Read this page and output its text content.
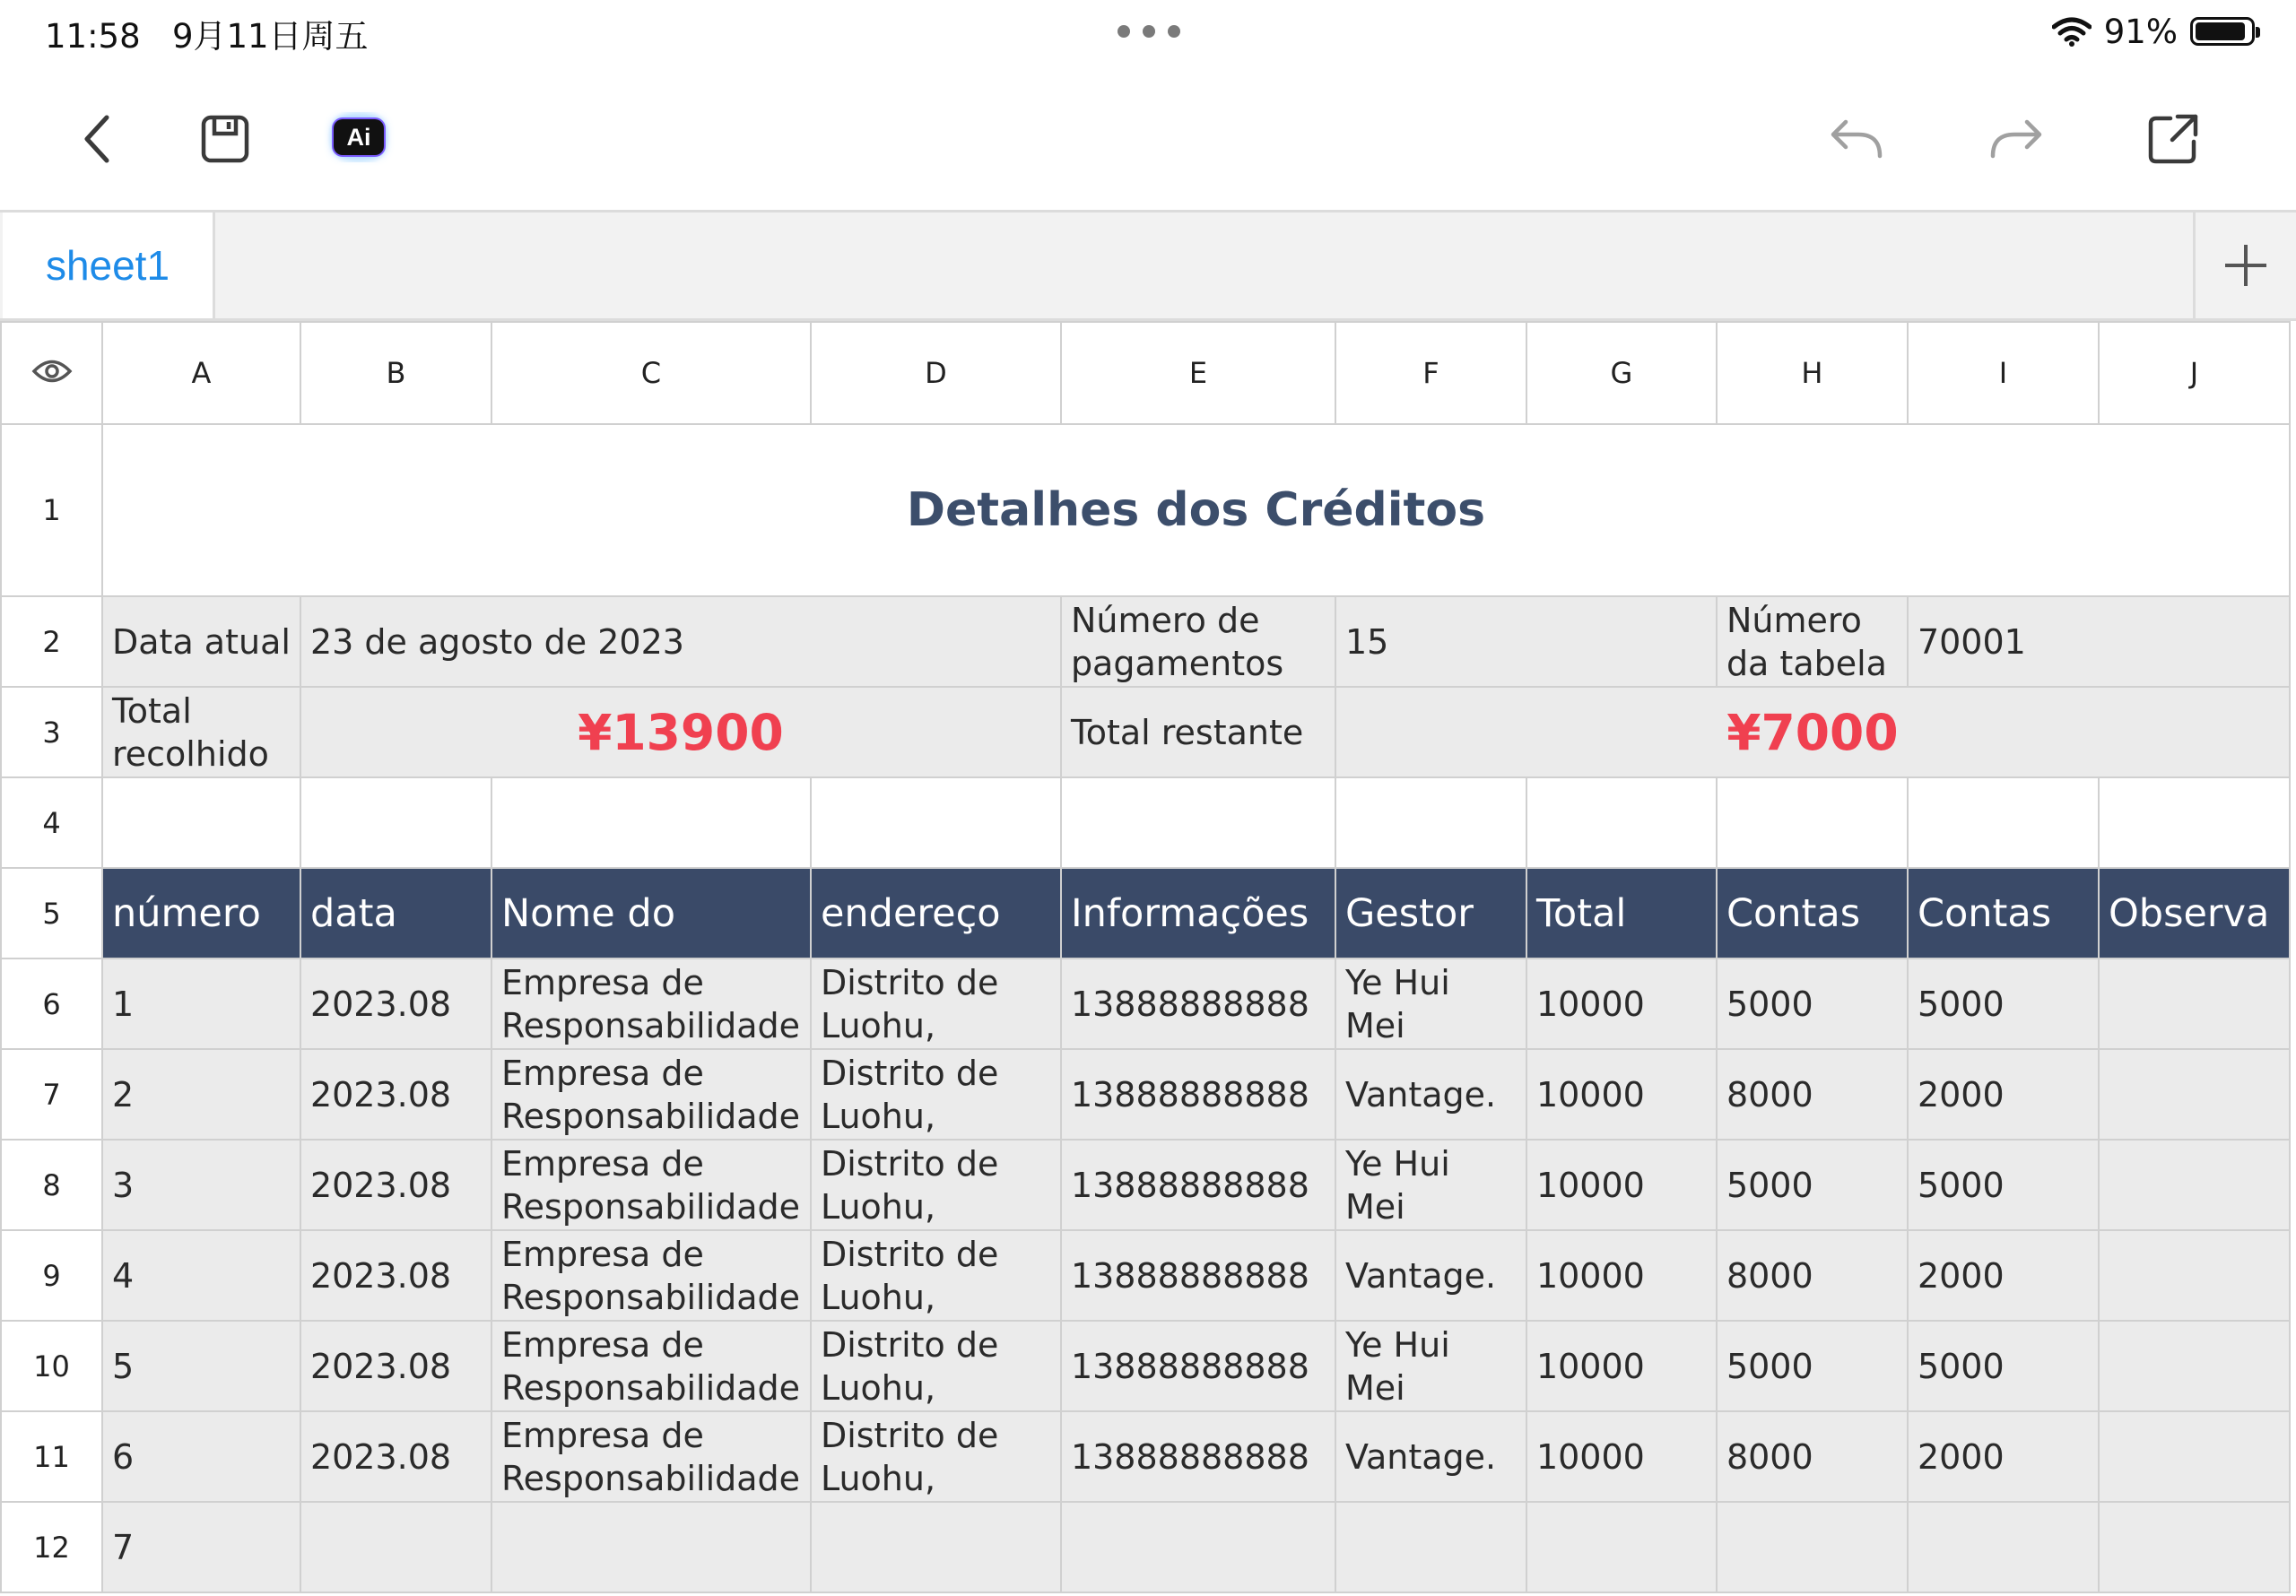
11:58 9月11日周五	91%
Ai
sheet1
	A	B	C	D	E	F	G	H	I	J
1	Detalhes dos Créditos									
2	Data atual	23 de agosto de 2023			Número de pagamentos	15		Número da tabela	70001	
3	Total recolhido	¥13900			Total restante	¥7000				
4										
5	número	data	Nome do	endereço	Informações	Gestor	Total	Contas	Contas	Observa
6	1	2023.08	Empresa de Responsabilidade	Distrito de Luohu,	13888888888	Ye Hui Mei	10000	5000	5000	
7	2	2023.08	Empresa de Responsabilidade	Distrito de Luohu,	13888888888	Vantage.	10000	8000	2000	
8	3	2023.08	Empresa de Responsabilidade	Distrito de Luohu,	13888888888	Ye Hui Mei	10000	5000	5000	
9	4	2023.08	Empresa de Responsabilidade	Distrito de Luohu,	13888888888	Vantage.	10000	8000	2000	
10	5	2023.08	Empresa de Responsabilidade	Distrito de Luohu,	13888888888	Ye Hui Mei	10000	5000	5000	
11	6	2023.08	Empresa de Responsabilidade	Distrito de Luohu,	13888888888	Vantage.	10000	8000	2000	
12	7									
